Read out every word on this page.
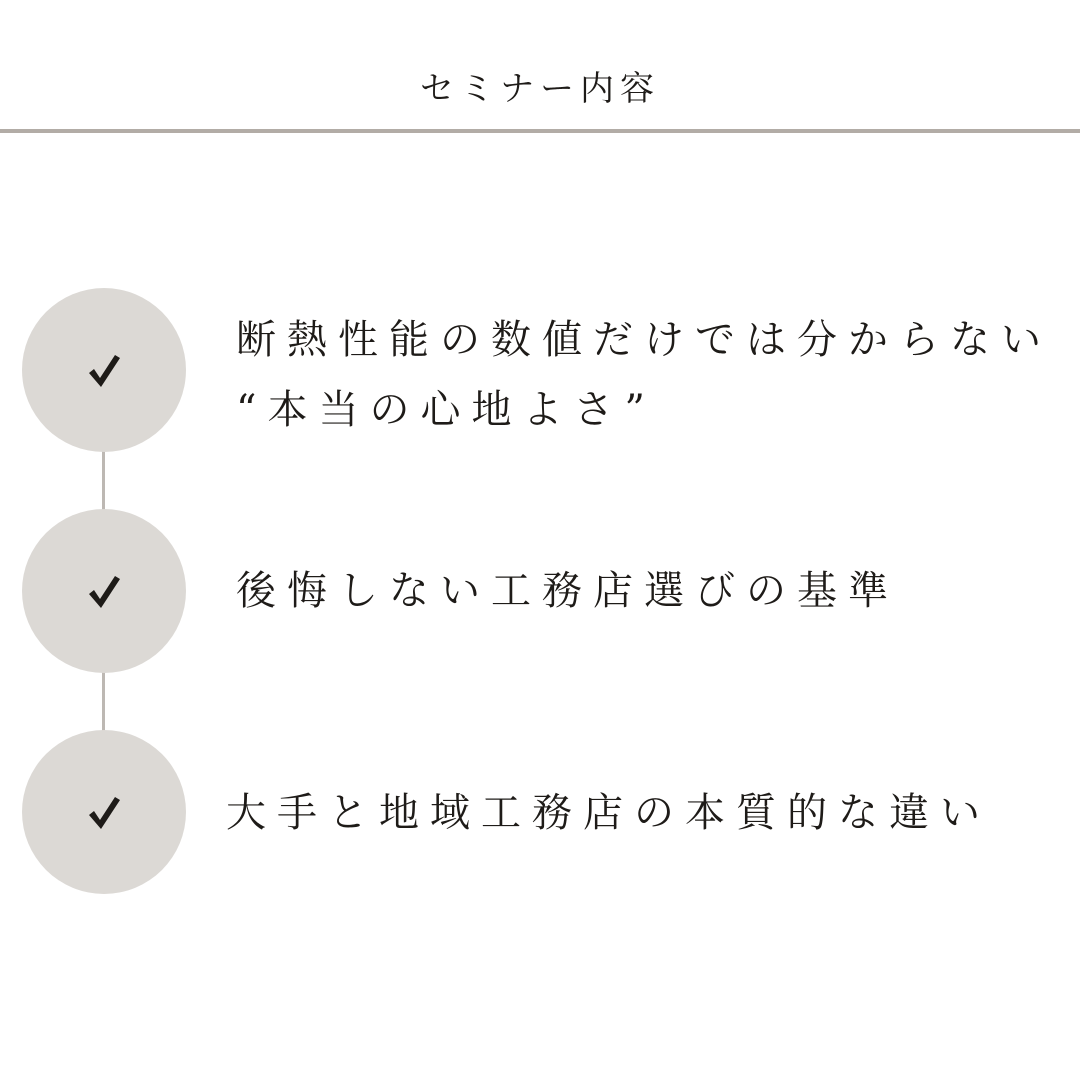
セミナー内容
断熱性能の数値だけでは分からない
“本当の心地よさ”
後悔しない工務店選びの基準
大手と地域工務店の本質的な違い
